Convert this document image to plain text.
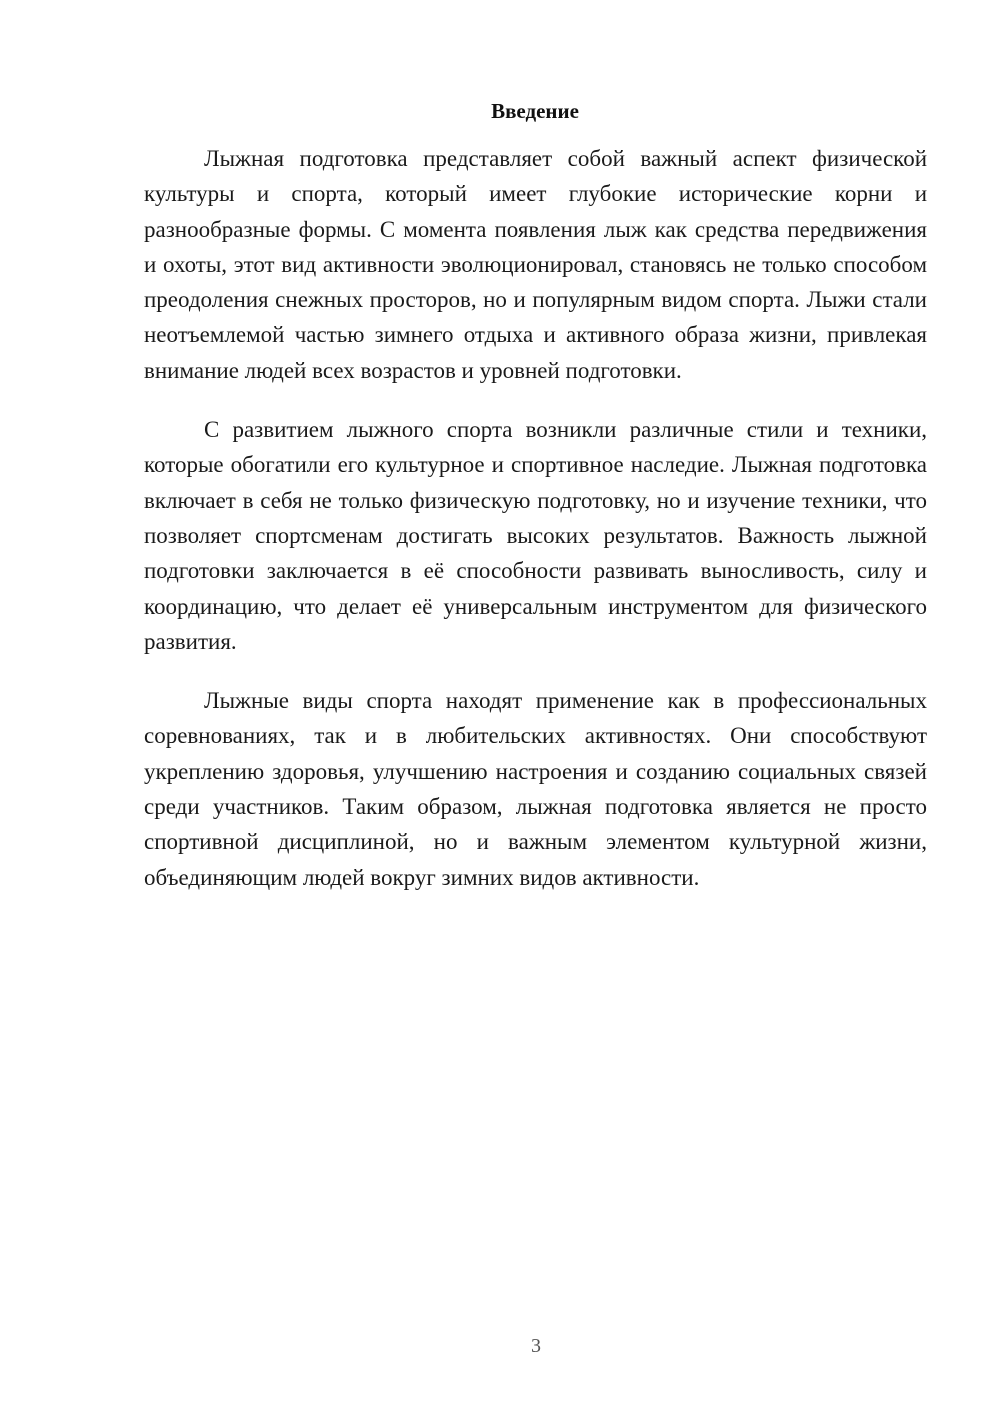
Введение

Лыжная подготовка представляет собой важный аспект физической культуры и спорта, который имеет глубокие исторические корни и разнообразные формы. С момента появления лыж как средства передвижения и охоты, этот вид активности эволюционировал, становясь не только способом преодоления снежных просторов, но и популярным видом спорта. Лыжи стали неотъемлемой частью зимнего отдыха и активного образа жизни, привлекая внимание людей всех возрастов и уровней подготовки.

С развитием лыжного спорта возникли различные стили и техники, которые обогатили его культурное и спортивное наследие. Лыжная подготовка включает в себя не только физическую подготовку, но и изучение техники, что позволяет спортсменам достигать высоких результатов. Важность лыжной подготовки заключается в её способности развивать выносливость, силу и координацию, что делает её универсальным инструментом для физического развития.

Лыжные виды спорта находят применение как в профессиональных соревнованиях, так и в любительских активностях. Они способствуют укреплению здоровья, улучшению настроения и созданию социальных связей среди участников. Таким образом, лыжная подготовка является не просто спортивной дисциплиной, но и важным элементом культурной жизни, объединяющим людей вокруг зимних видов активности.

3
